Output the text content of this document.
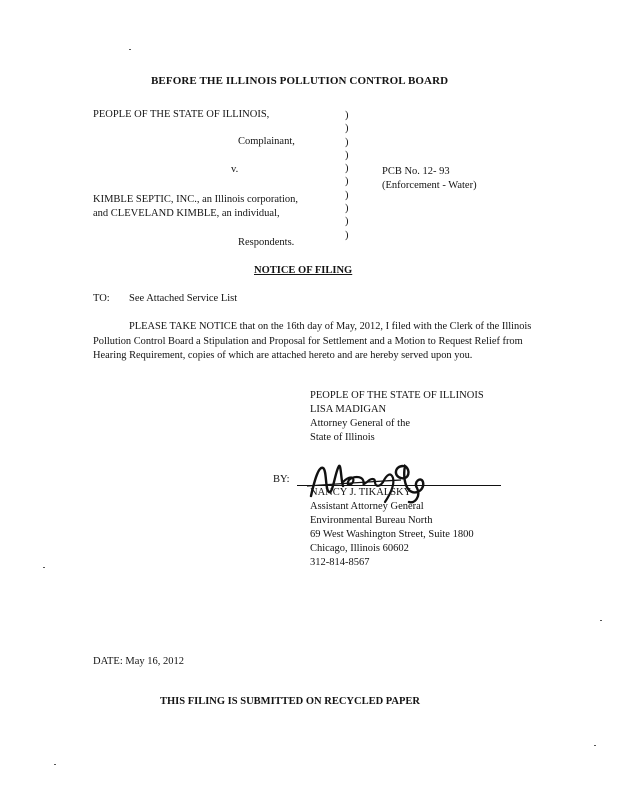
BEFORE THE ILLINOIS POLLUTION CONTROL BOARD
PEOPLE OF THE STATE OF ILLINOIS,
Complainant,
v.
KIMBLE SEPTIC, INC., an Illinois corporation,
and CLEVELAND KIMBLE, an individual,
Respondents.
)
)
)
)
)
)
)
)
)
)
PCB No. 12- 93
(Enforcement - Water)
NOTICE OF FILING
TO: See Attached Service List
PLEASE TAKE NOTICE that on the 16th day of May, 2012, I filed with the Clerk of the Illinois Pollution Control Board a Stipulation and Proposal for Settlement and a Motion to Request Relief from Hearing Requirement, copies of which are attached hereto and are hereby served upon you.
PEOPLE OF THE STATE OF ILLINOIS
LISA MADIGAN
Attorney General of the
State of Illinois
BY:
NANCY J. TIKALSKY
Assistant Attorney General
Environmental Bureau North
69 West Washington Street, Suite 1800
Chicago, Illinois 60602
312-814-8567
DATE: May 16, 2012
THIS FILING IS SUBMITTED ON RECYCLED PAPER
